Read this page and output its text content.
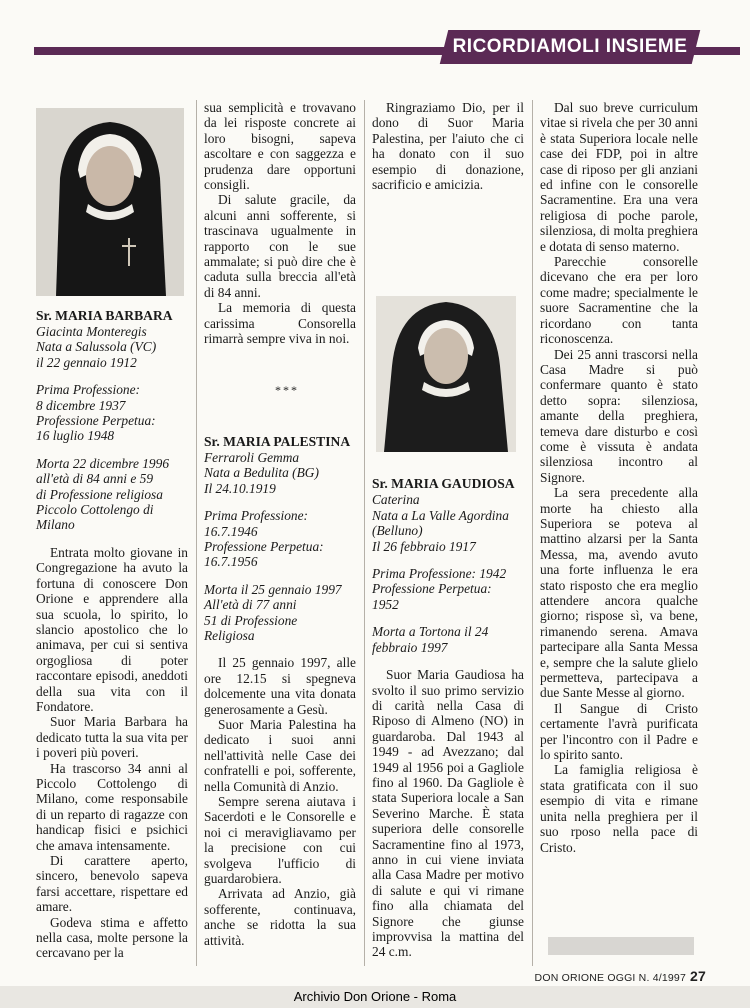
RICORDIAMOLI INSIEME
Sr. MARIA BARBARA
Giacinta Monteregis
Nata a Salussola (VC)
il 22 gennaio 1912
Prima Professione:
8 dicembre 1937
Professione Perpetua:
16 luglio 1948
Morta 22 dicembre 1996
all'età di 84 anni e 59
di Professione religiosa
Piccolo Cottolengo di
Milano

Entrata molto giovane in Congregazione ha avuto la fortuna di conoscere Don Orione e apprendere alla sua scuola, lo spirito, lo slancio apostolico che lo animava, per cui si sentiva orgogliosa di poter raccontare episodi, aneddoti della sua vita con il Fondatore.

Suor Maria Barbara ha dedicato tutta la sua vita per i poveri più poveri.

Ha trascorso 34 anni al Piccolo Cottolengo di Milano, come responsabile di un reparto di ragazze con handicap fisici e psichici che amava intensamente.

Di carattere aperto, sincero, benevolo sapeva farsi accettare, rispettare ed amare.

Godeva stima e affetto nella casa, molte persone la cercavano per la

sua semplicità e trovavano da lei risposte concrete ai loro bisogni, sapeva ascoltare e con saggezza e prudenza dare opportuni consigli.

Di salute gracile, da alcuni anni sofferente, si trascinava ugualmente in rapporto con le sue ammalate; si può dire che è caduta sulla breccia all'età di 84 anni.

La memoria di questa carissima Consorella rimarrà sempre viva in noi.

***

Sr. MARIA PALESTINA
Ferraroli Gemma
Nata a Bedulita (BG)
Il 24.10.1919
Prima Professione:
16.7.1946
Professione Perpetua:
16.7.1956
Morta il 25 gennaio 1997
All'età di 77 anni
51 di Professione
Religiosa

Il 25 gennaio 1997, alle ore 12.15 si spegneva dolcemente una vita donata generosamente a Gesù.

Suor Maria Palestina ha dedicato i suoi anni nell'attività nelle Case dei confratelli e poi, sofferente, nella Comunità di Anzio.

Sempre serena aiutava i Sacerdoti e le Consorelle e noi ci meravigliavamo per la precisione con cui svolgeva l'ufficio di guardarobiera.

Arrivata ad Anzio, già sofferente, continuava, anche se ridotta la sua attività.

Ringraziamo Dio, per il dono di Suor Maria Palestina, per l'aiuto che ci ha donato con il suo esempio di donazione, sacrificio e amicizia.

Sr. MARIA GAUDIOSA
Caterina
Nata a La Valle Agordina
(Belluno)
Il 26 febbraio 1917
Prima Professione: 1942
Professione Perpetua:
1952
Morta a Tortona il 24
febbraio 1997

Suor Maria Gaudiosa ha svolto il suo primo servizio di carità nella Casa di Riposo di Almeno (NO) in guardaroba. Dal 1943 al 1949 - ad Avezzano; dal 1949 al 1956 poi a Gagliole fino al 1960. Da Gagliole è stata Superiora locale a San Severino Marche. È stata superiora delle consorelle Sacramentine fino al 1973, anno in cui viene inviata alla Casa Madre per motivo di salute e qui vi rimane fino alla chiamata del Signore che giunse improvvisa la mattina del 24 c.m.

Dal suo breve curriculum vitae si rivela che per 30 anni è stata Superiora locale nelle case dei FDP, poi in altre case di riposo per gli anziani ed infine con le consorelle Sacramentine. Era una vera religiosa di poche parole, silenziosa, di molta preghiera e dotata di senso materno.

Parecchie consorelle dicevano che era per loro come madre; specialmente le suore Sacramentine che la ricordano con tanta riconoscenza.

Dei 25 anni trascorsi nella Casa Madre si può confermare quanto è stato detto sopra: silenziosa, amante della preghiera, temeva dare disturbo e così come è vissuta è andata silenziosa incontro al Signore.

La sera precedente alla morte ha chiesto alla Superiora se poteva al mattino alzarsi per la Santa Messa, ma, avendo avuto una forte influenza le era stato risposto che era meglio attendere ancora qualche giorno; rispose sì, va bene, rimanendo serena. Amava partecipare alla Santa Messa e, sempre che la salute glielo permetteva, partecipava a due Sante Messe al giorno.

Il Sangue di Cristo certamente l'avrà purificata per l'incontro con il Padre e lo spirito santo.

La famiglia religiosa è stata gratificata con il suo esempio di vita e rimane unita nella preghiera per il suo rposo nella pace di Cristo.

DON ORIONE OGGI N. 4/1997 27
Archivio Don Orione - Roma
